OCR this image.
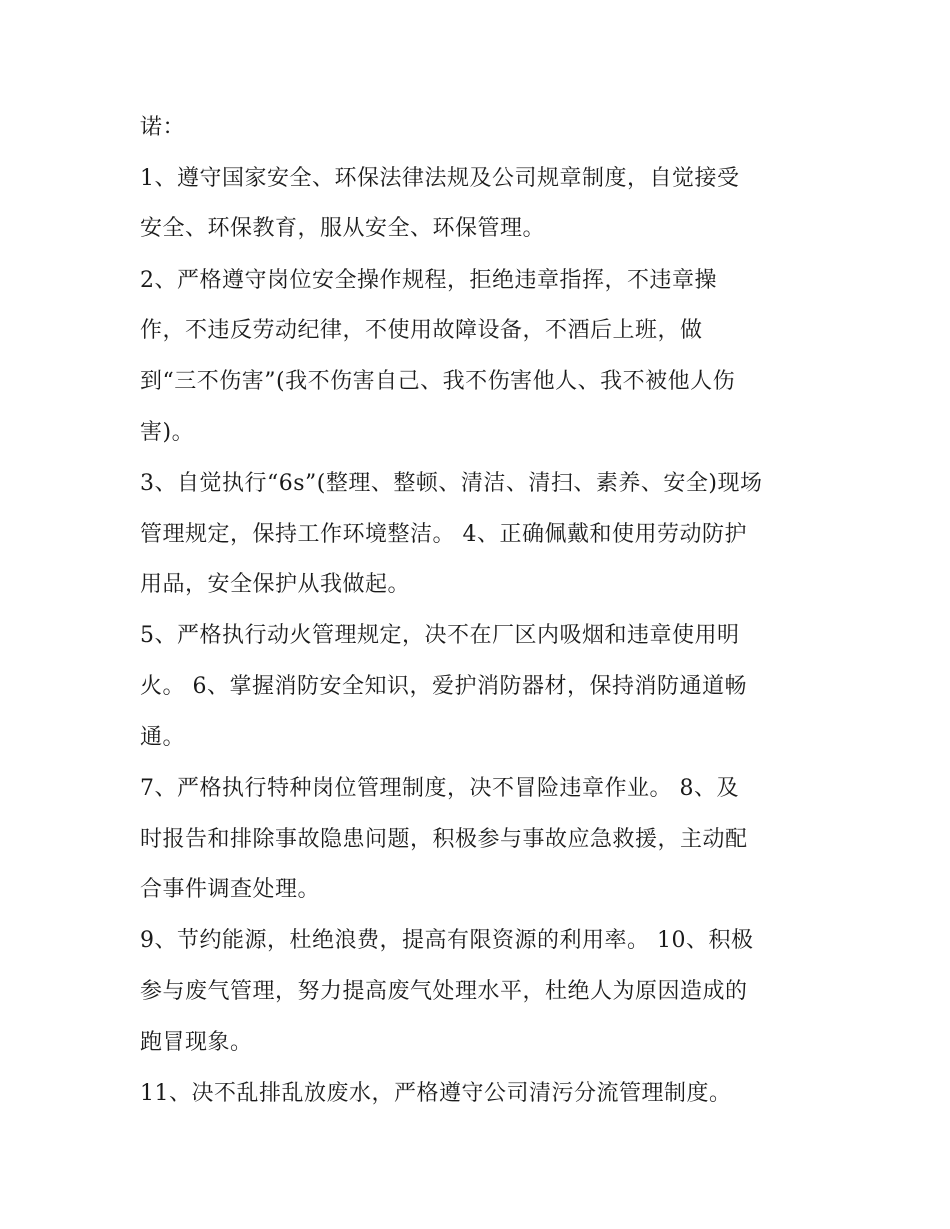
诺：
1、遵守国家安全、环保法律法规及公司规章制度，自觉接受
安全、环保教育，服从安全、环保管理。
2、严格遵守岗位安全操作规程，拒绝违章指挥，不违章操
作，不违反劳动纪律，不使用故障设备，不酒后上班，做
到“三不伤害”(我不伤害自己、我不伤害他人、我不被他人伤
害)。
3、自觉执行“6s”(整理、整顿、清洁、清扫、素养、安全)现场
管理规定，保持工作环境整洁。 4、正确佩戴和使用劳动防护
用品，安全保护从我做起。
5、严格执行动火管理规定，决不在厂区内吸烟和违章使用明
火。 6、掌握消防安全知识，爱护消防器材，保持消防通道畅
通。
7、严格执行特种岗位管理制度，决不冒险违章作业。 8、及
时报告和排除事故隐患问题，积极参与事故应急救援，主动配
合事件调查处理。
9、节约能源，杜绝浪费，提高有限资源的利用率。 10、积极
参与废气管理，努力提高废气处理水平，杜绝人为原因造成的
跑冒现象。
11、决不乱排乱放废水，严格遵守公司清污分流管理制度。
